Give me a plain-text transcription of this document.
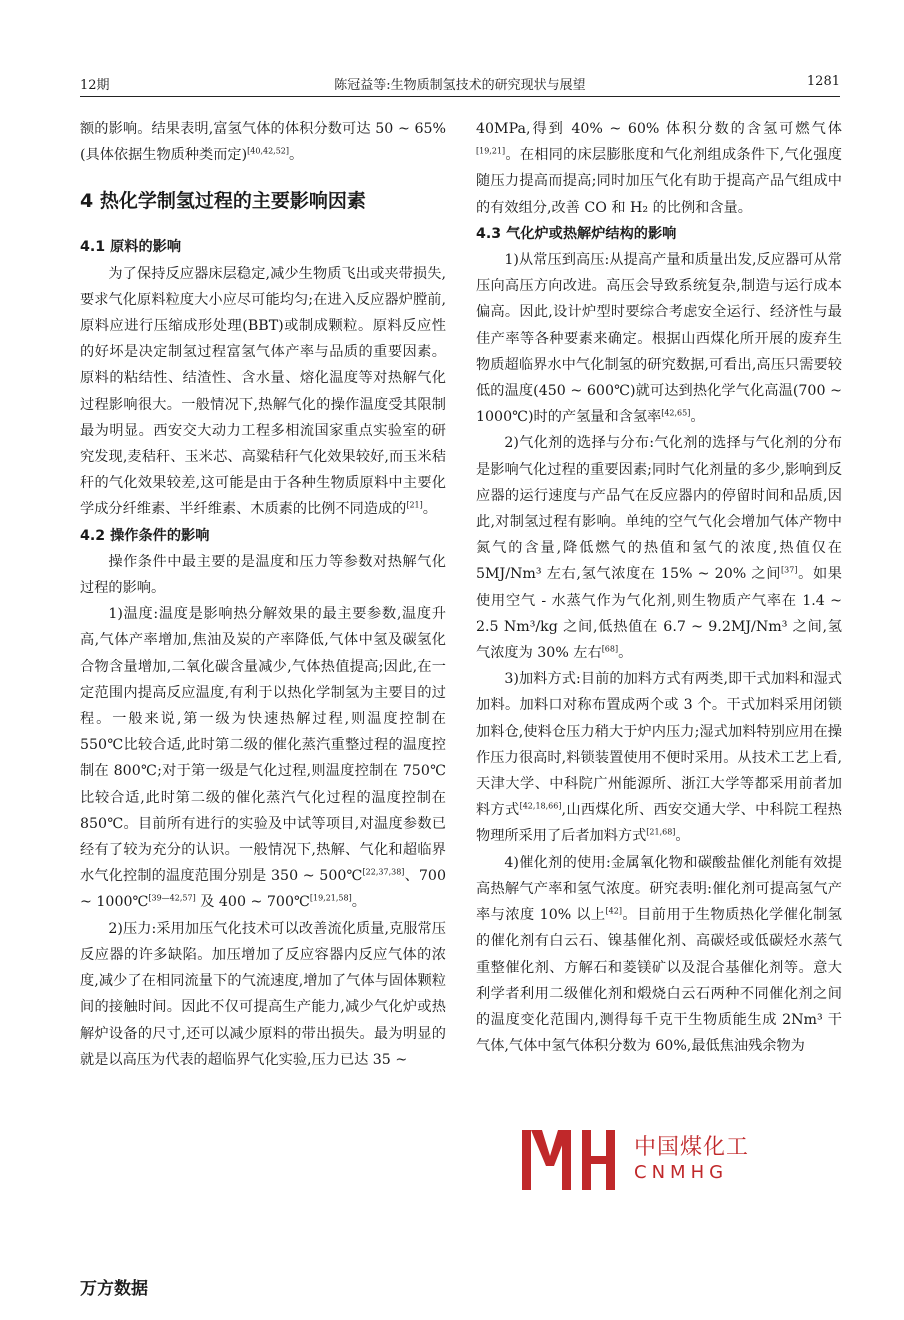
12期	陈冠益等:生物质制氢技术的研究现状与展望	1281

额的影响。结果表明,富氢气体的体积分数可达 50 ~ 65%(具体依据生物质种类而定)[40,42,52]。

4 热化学制氢过程的主要影响因素
4.1 原料的影响

为了保持反应器床层稳定,减少生物质飞出或夹带损失,要求气化原料粒度大小应尽可能均匀;在进入反应器炉膛前,原料应进行压缩成形处理(BBT)或制成颗粒。原料反应性的好坏是决定制氢过程富氢气体产率与品质的重要因素。原料的粘结性、结渣性、含水量、熔化温度等对热解气化过程影响很大。一般情况下,热解气化的操作温度受其限制最为明显。西安交大动力工程多相流国家重点实验室的研究发现,麦秸秆、玉米芯、高粱秸秆气化效果较好,而玉米秸秆的气化效果较差,这可能是由于各种生物质原料中主要化学成分纤维素、半纤维素、木质素的比例不同造成的[21]。

4.2 操作条件的影响

操作条件中最主要的是温度和压力等参数对热解气化过程的影响。

1)温度:温度是影响热分解效果的最主要参数,温度升高,气体产率增加,焦油及炭的产率降低,气体中氢及碳氢化合物含量增加,二氧化碳含量减少,气体热值提高;因此,在一定范围内提高反应温度,有利于以热化学制氢为主要目的过程。一般来说,第一级为快速热解过程,则温度控制在 550℃比较合适,此时第二级的催化蒸汽重整过程的温度控制在 800℃;对于第一级是气化过程,则温度控制在 750℃比较合适,此时第二级的催化蒸汽气化过程的温度控制在 850℃。目前所有进行的实验及中试等项目,对温度参数已经有了较为充分的认识。一般情况下,热解、气化和超临界水气化控制的温度范围分别是 350 ~ 500℃[22,37,38]、700 ~ 1000℃[39—42,57] 及 400 ~ 700℃[19,21,58]。

2)压力:采用加压气化技术可以改善流化质量,克服常压反应器的许多缺陷。加压增加了反应容器内反应气体的浓度,减少了在相同流量下的气流速度,增加了气体与固体颗粒间的接触时间。因此不仅可提高生产能力,减少气化炉或热解炉设备的尺寸,还可以减少原料的带出损失。最为明显的就是以高压为代表的超临界气化实验,压力已达 35 ~

40MPa,得到 40% ~ 60% 体积分数的含氢可燃气体[19,21]。在相同的床层膨胀度和气化剂组成条件下,气化强度随压力提高而提高;同时加压气化有助于提高产品气组成中的有效组分,改善 CO 和 H₂ 的比例和含量。

4.3 气化炉或热解炉结构的影响

1)从常压到高压:从提高产量和质量出发,反应器可从常压向高压方向改进。高压会导致系统复杂,制造与运行成本偏高。因此,设计炉型时要综合考虑安全运行、经济性与最佳产率等各种要素来确定。根据山西煤化所开展的废弃生物质超临界水中气化制氢的研究数据,可看出,高压只需要较低的温度(450 ~ 600℃)就可达到热化学气化高温(700 ~ 1000℃)时的产氢量和含氢率[42,65]。

2)气化剂的选择与分布:气化剂的选择与气化剂的分布是影响气化过程的重要因素;同时气化剂量的多少,影响到反应器的运行速度与产品气在反应器内的停留时间和品质,因此,对制氢过程有影响。单纯的空气气化会增加气体产物中氮气的含量,降低燃气的热值和氢气的浓度,热值仅在 5MJ/Nm³ 左右,氢气浓度在 15% ~ 20% 之间[37]。如果使用空气 - 水蒸气作为气化剂,则生物质产气率在 1.4 ~ 2.5 Nm³/kg 之间,低热值在 6.7 ~ 9.2MJ/Nm³ 之间,氢气浓度为 30% 左右[68]。

3)加料方式:目前的加料方式有两类,即干式加料和湿式加料。加料口对称布置成两个或 3 个。干式加料采用闭锁加料仓,使料仓压力稍大于炉内压力;湿式加料特别应用在操作压力很高时,料锁装置使用不便时采用。从技术工艺上看,天津大学、中科院广州能源所、浙江大学等都采用前者加料方式[42,18,66],山西煤化所、西安交通大学、中科院工程热物理所采用了后者加料方式[21,68]。

4)催化剂的使用:金属氧化物和碳酸盐催化剂能有效提高热解气产率和氢气浓度。研究表明:催化剂可提高氢气产率与浓度 10% 以上[42]。目前用于生物质热化学催化制氢的催化剂有白云石、镍基催化剂、高碳烃或低碳烃水蒸气重整催化剂、方解石和菱镁矿以及混合基催化剂等。意大利学者利用二级催化剂和煅烧白云石两种不同催化剂之间的温度变化范围内,测得每千克干生物质能生成 2Nm³ 干气体,气体中氢气体积分数为 60%,最低焦油残余物为

中国煤化工
CNMHG
万方数据
